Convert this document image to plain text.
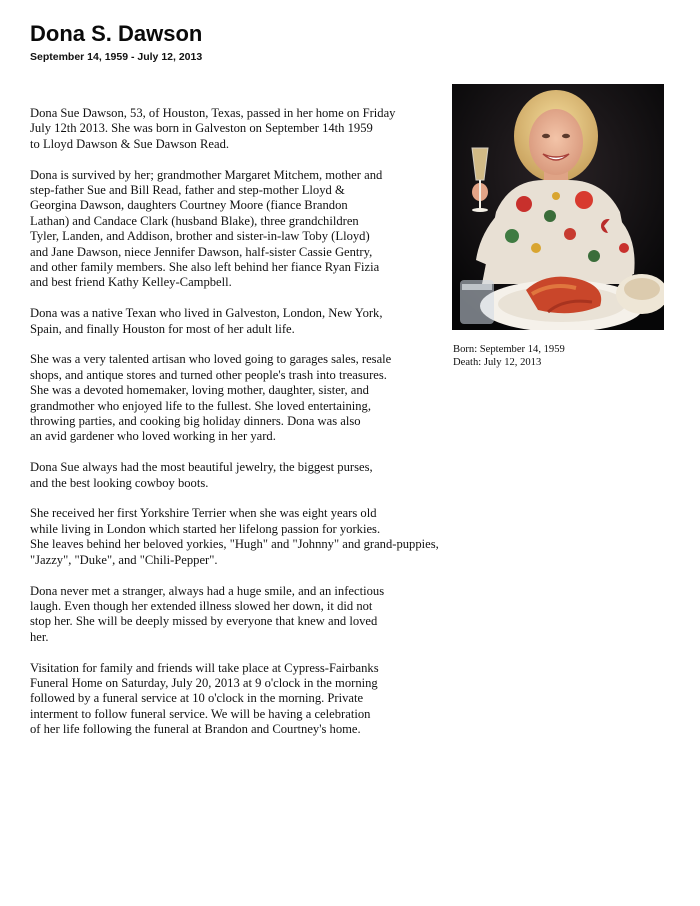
Dona S. Dawson
September 14, 1959 - July 12, 2013

Dona Sue Dawson, 53, of Houston, Texas, passed in her home on Friday
July 12th 2013. She was born in Galveston on September 14th 1959
to Lloyd Dawson & Sue Dawson Read.

Dona is survived by her; grandmother Margaret Mitchem, mother and
step-father Sue and Bill Read, father and step-mother Lloyd &
Georgina Dawson, daughters Courtney Moore (fiance Brandon
Lathan) and Candace Clark (husband Blake), three grandchildren
Tyler, Landen, and Addison, brother and sister-in-law Toby (Lloyd)
and Jane Dawson, niece Jennifer Dawson, half-sister Cassie Gentry,
and other family members. She also left behind her fiance Ryan Fizia
and best friend Kathy Kelley-Campbell.

Dona was a native Texan who lived in Galveston, London, New York,
Spain, and finally Houston for most of her adult life.

She was a very talented artisan who loved going to garages sales, resale
shops, and antique stores and turned other people's trash into treasures.
She was a devoted homemaker, loving mother, daughter, sister, and
grandmother who enjoyed life to the fullest. She loved entertaining,
throwing parties, and cooking big holiday dinners. Dona was also
an avid gardener who loved working in her yard.

Dona Sue always had the most beautiful jewelry, the biggest purses,
and the best looking cowboy boots.

She received her first Yorkshire Terrier when she was eight years old
while living in London which started her lifelong passion for yorkies.
She leaves behind her beloved yorkies, "Hugh" and "Johnny" and grand-puppies,
"Jazzy", "Duke", and "Chili-Pepper".

Dona never met a stranger, always had a huge smile, and an infectious
laugh. Even though her extended illness slowed her down, it did not
stop her. She will be deeply missed by everyone that knew and loved
her.

Visitation for family and friends will take place at Cypress-Fairbanks
Funeral Home on Saturday, July 20, 2013 at 9 o'clock in the morning
followed by a funeral service at 10 o'clock in the morning. Private
interment to follow funeral service. We will be having a celebration
of her life following the funeral at Brandon and Courtney's home.

Born: September 14, 1959
Death: July 12, 2013
